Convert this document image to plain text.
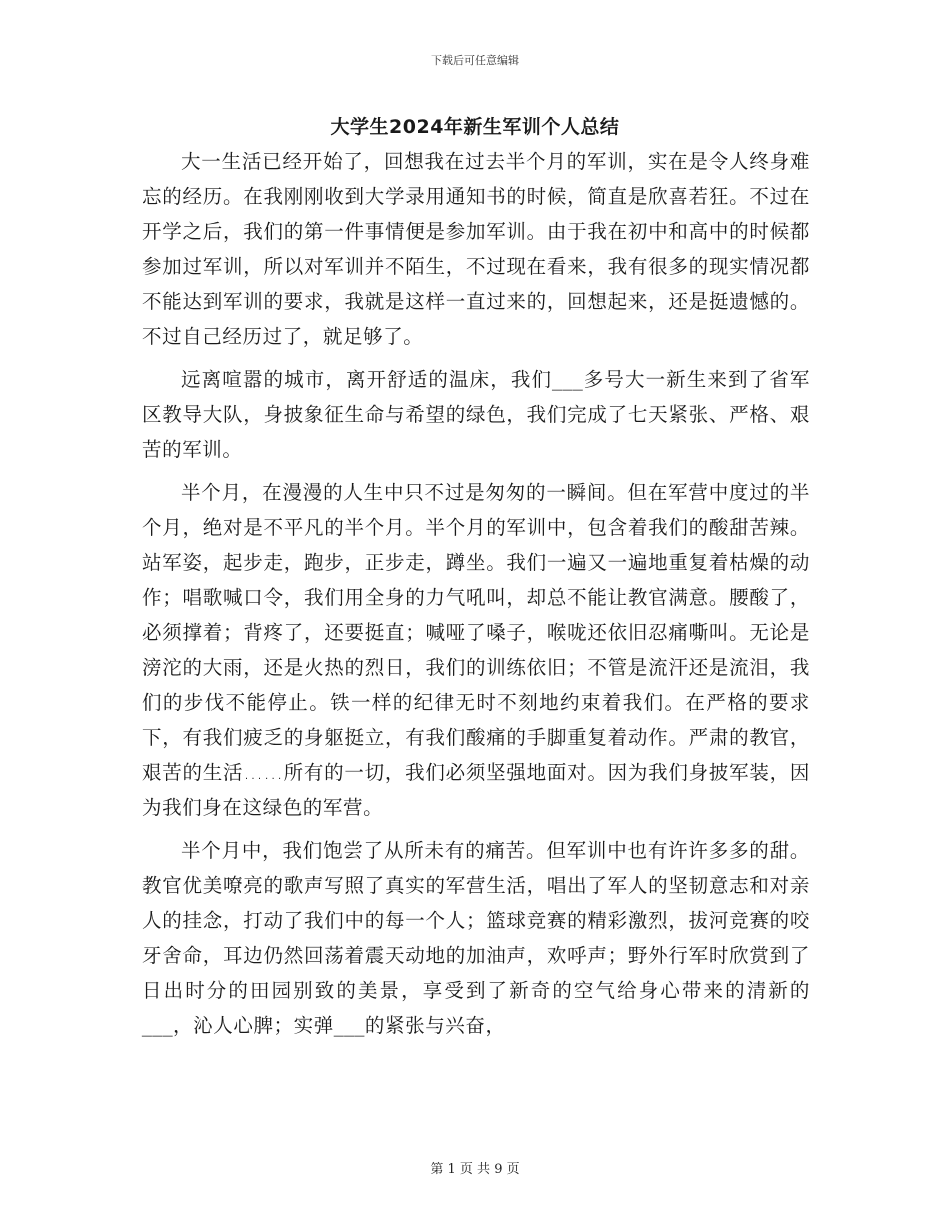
下载后可任意编辑
大学生2024年新生军训个人总结

大一生活已经开始了，回想我在过去半个月的军训，实在是令人终身难忘的经历。在我刚刚收到大学录用通知书的时候，简直是欣喜若狂。不过在开学之后，我们的第一件事情便是参加军训。由于我在初中和高中的时候都参加过军训，所以对军训并不陌生，不过现在看来，我有很多的现实情况都不能达到军训的要求，我就是这样一直过来的，回想起来，还是挺遗憾的。不过自己经历过了，就足够了。

远离喧嚣的城市，离开舒适的温床，我们___多号大一新生来到了省军区教导大队，身披象征生命与希望的绿色，我们完成了七天紧张、严格、艰苦的军训。

半个月，在漫漫的人生中只不过是匆匆的一瞬间。但在军营中度过的半个月，绝对是不平凡的半个月。半个月的军训中，包含着我们的酸甜苦辣。站军姿，起步走，跑步，正步走，蹲坐。我们一遍又一遍地重复着枯燥的动作；唱歌喊口令，我们用全身的力气吼叫，却总不能让教官满意。腰酸了，必须撑着；背疼了，还要挺直；喊哑了嗓子，喉咙还依旧忍痛嘶叫。无论是滂沱的大雨，还是火热的烈日，我们的训练依旧；不管是流汗还是流泪，我们的步伐不能停止。铁一样的纪律无时不刻地约束着我们。在严格的要求下，有我们疲乏的身躯挺立，有我们酸痛的手脚重复着动作。严肃的教官，艰苦的生活……所有的一切，我们必须坚强地面对。因为我们身披军装，因为我们身在这绿色的军营。

半个月中，我们饱尝了从所未有的痛苦。但军训中也有许许多多的甜。教官优美嘹亮的歌声写照了真实的军营生活，唱出了军人的坚韧意志和对亲人的挂念，打动了我们中的每一个人；篮球竞赛的精彩激烈，拔河竞赛的咬牙舍命，耳边仍然回荡着震天动地的加油声，欢呼声；野外行军时欣赏到了日出时分的田园别致的美景，享受到了新奇的空气给身心带来的清新的___，沁人心脾；实弹___的紧张与兴奋，

第 1 页 共 9 页
